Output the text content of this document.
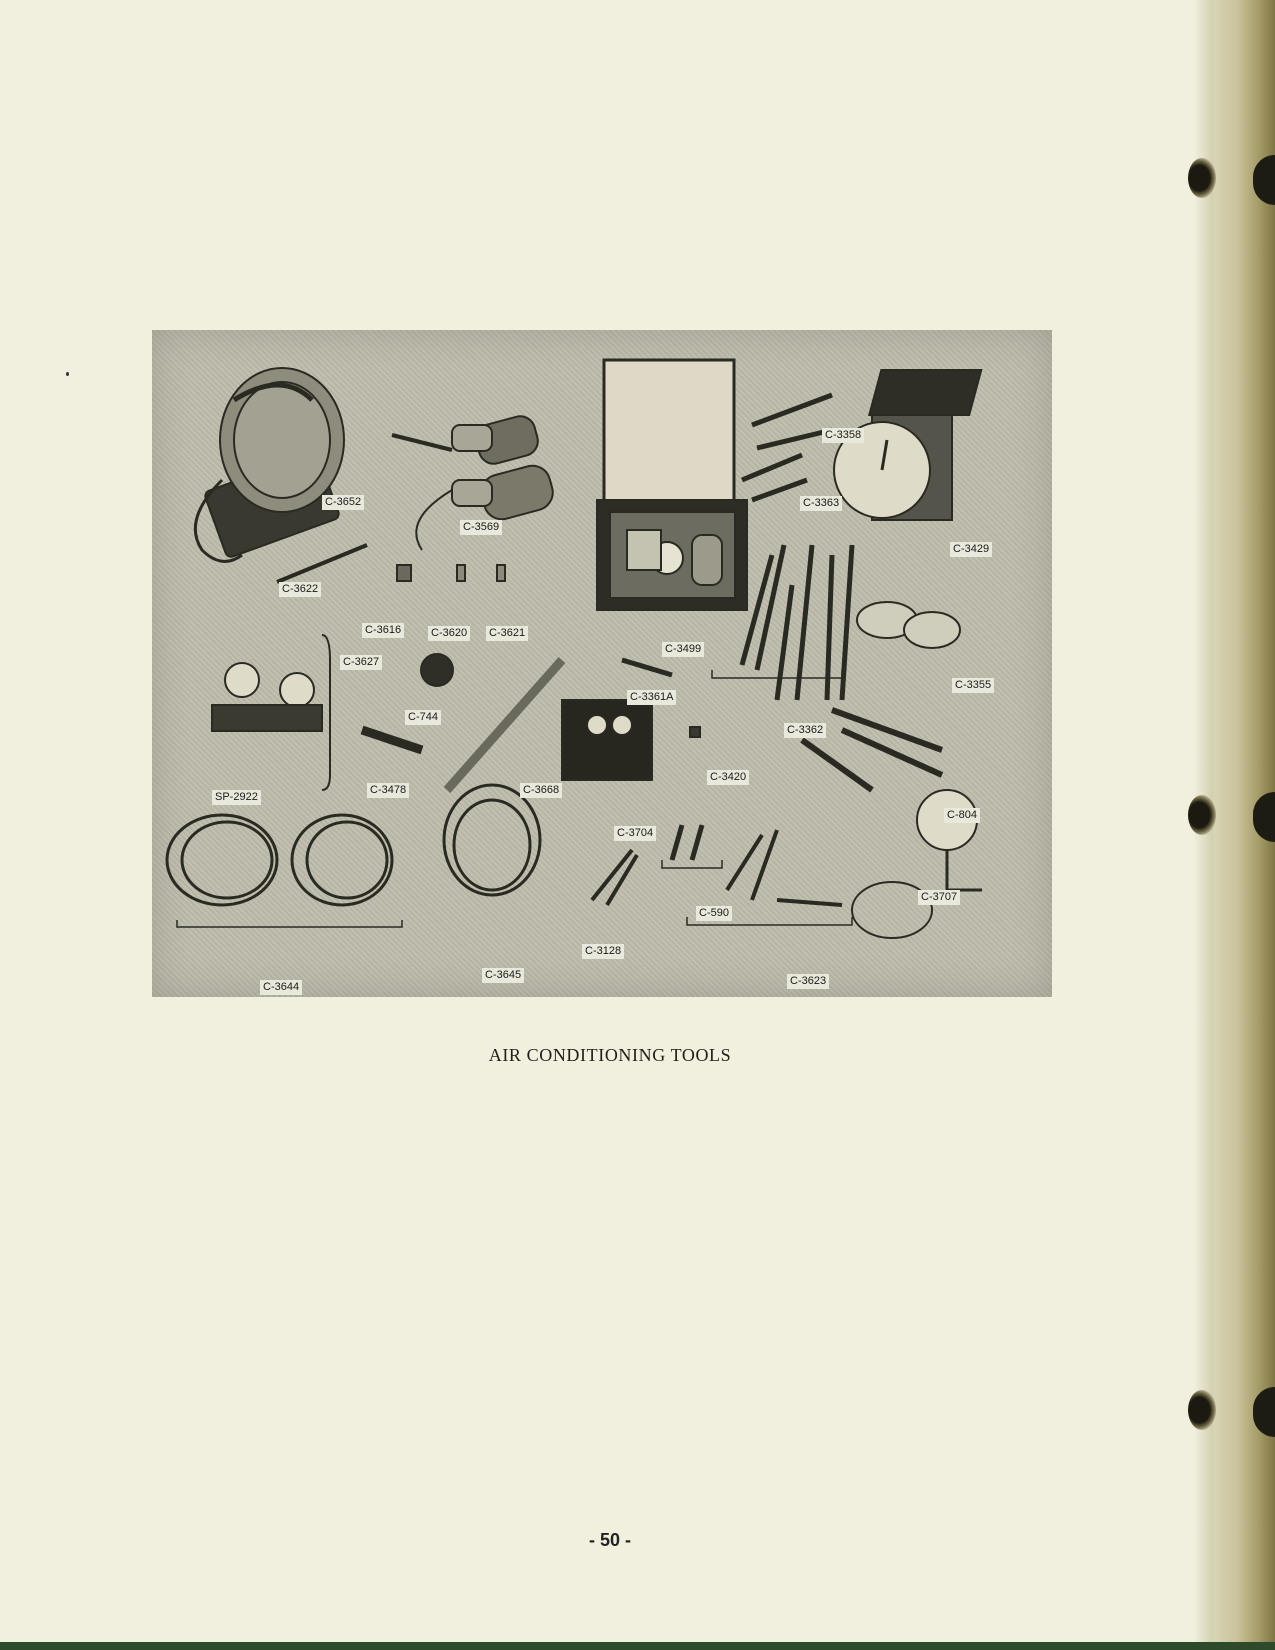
C-3652
C-3569
C-3622
C-3616	C-3620 C-3621
C-3499
C-3358
C-3363
C-3429
C-3627
C-744
C-3361A
C-3355
C-3362
SP-2922
C-3478	C-3668
C-3420
C-3704
C-804
C-3707
C-590
C-3128
C-3623
C-3644
C-3645
AIR CONDITIONING TOOLS
- 50 -
